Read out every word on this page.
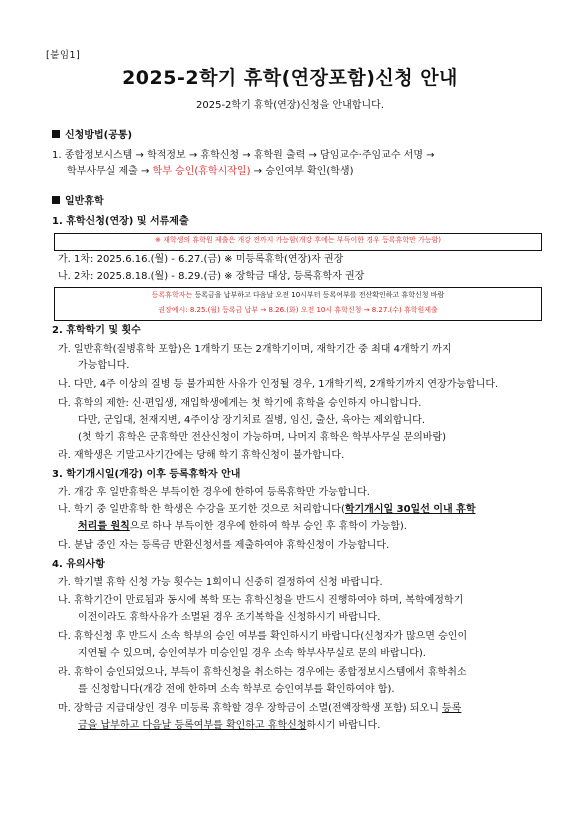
[붙임1]
2025-2학기 휴학(연장포함)신청 안내
2025-2학기 휴학(연장)신청을 안내합니다.
신청방법(공통)
1. 종합정보시스템 → 학적정보 → 휴학신청 → 휴학원 출력 → 담임교수·주임교수 서명 →
학부사무실 제출 → 학부 승인(휴학시작일) → 승인여부 확인(학생)
일반휴학
1. 휴학신청(연장) 및 서류제출
※ 재학생의 휴학원 제출은 개강 전까지 가능함(개강 후에는 부득이한 경우 등록휴학만 가능함)
가. 1차: 2025.6.16.(월) - 6.27.(금) ※ 미등록휴학(연장)자 권장
나. 2차: 2025.8.18.(월) - 8.29.(금) ※ 장학금 대상, 등록휴학자 권장
등록휴학자는 등록금을 납부하고 다음날 오전 10시부터 등록여부를 전산확인하고 휴학신청 바람
권장예시: 8.25.(월) 등록금 납부 → 8.26.(화) 오전 10시 휴학신청 → 8.27.(수) 휴학원제출
2. 휴학학기 및 횟수
가. 일반휴학(질병휴학 포함)은 1개학기 또는 2개학기이며, 재학기간 중 최대 4개학기 까지
가능합니다.
나. 다만, 4주 이상의 질병 등 불가피한 사유가 인정될 경우, 1개학기씩, 2개학기까지 연장가능합니다.
다. 휴학의 제한: 신·편입생, 재입학생에게는 첫 학기에 휴학을 승인하지 아니합니다.
다만, 군입대, 천재지변, 4주이상 장기치료 질병, 임신, 출산, 육아는 제외합니다.
(첫 학기 휴학은 군휴학만 전산신청이 가능하며, 나머지 휴학은 학부사무실 문의바람)
라. 재학생은 기말고사기간에는 당해 학기 휴학신청이 불가합니다.
3. 학기개시일(개강) 이후 등록휴학자 안내
가. 개강 후 일반휴학은 부득이한 경우에 한하여 등록휴학만 가능합니다.
나. 학기 중 일반휴학 한 학생은 수강을 포기한 것으로 처리합니다(학기개시일 30일선 이내 휴학
처리를 원칙으로 하나 부득이한 경우에 한하여 학부 승인 후 휴학이 가능함).
다. 분납 중인 자는 등록금 반환신청서를 제출하여야 휴학신청이 가능합니다.
4. 유의사항
가. 학기별 휴학 신청 가능 횟수는 1회이니 신중히 결정하여 신청 바랍니다.
나. 휴학기간이 만료됨과 동시에 복학 또는 휴학신청을 반드시 진행하여야 하며, 복학예정학기
이전이라도 휴학사유가 소멸된 경우 조기복학을 신청하시기 바랍니다.
다. 휴학신청 후 반드시 소속 학부의 승인 여부를 확인하시기 바랍니다(신청자가 많으면 승인이
지연될 수 있으며, 승인여부가 미승인일 경우 소속 학부사무실로 문의 바랍니다).
라. 휴학이 승인되었으나, 부득이 휴학신청을 취소하는 경우에는 종합정보시스템에서 휴학취소
를 신청합니다(개강 전에 한하며 소속 학부로 승인여부를 확인하여야 함).
마. 장학금 지급대상인 경우 미등록 휴학할 경우 장학금이 소멸(전액장학생 포함) 되오니 등록
금을 납부하고 다음날 등록여부를 확인하고 휴학신청하시기 바랍니다.
